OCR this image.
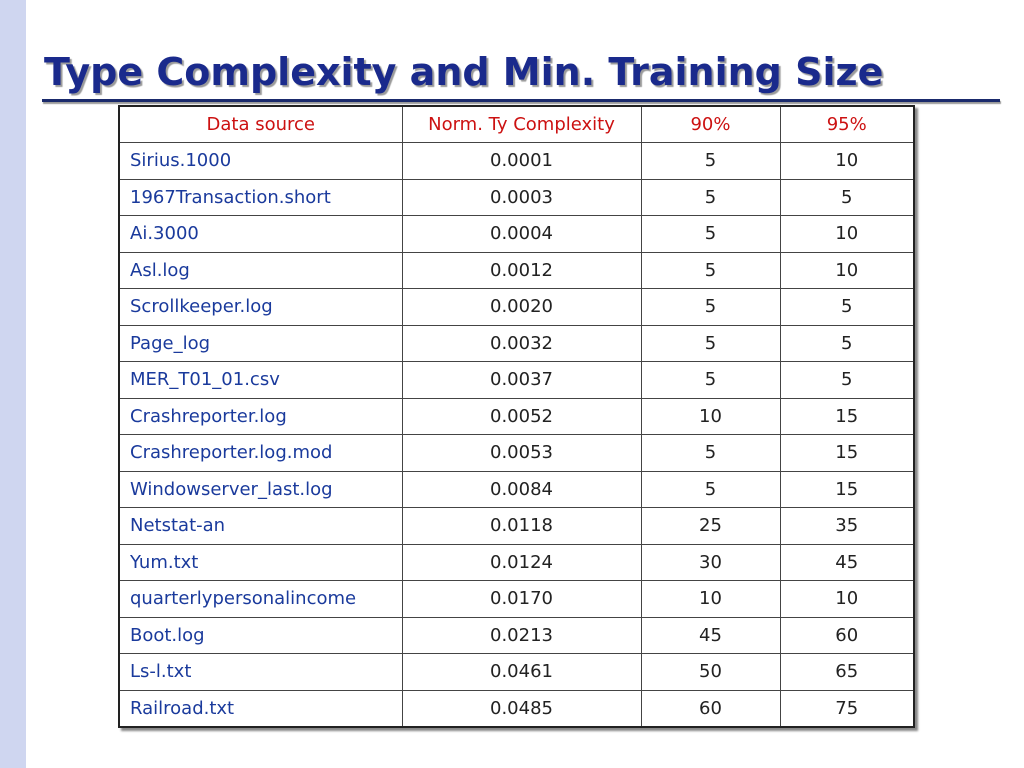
Type Complexity and Min. Training Size
Data source	Norm. Ty Complexity	90%	95%
Sirius.1000	0.0001	5	10
1967Transaction.short	0.0003	5	5
Ai.3000	0.0004	5	10
Asl.log	0.0012	5	10
Scrollkeeper.log	0.0020	5	5
Page_log	0.0032	5	5
MER_T01_01.csv	0.0037	5	5
Crashreporter.log	0.0052	10	15
Crashreporter.log.mod	0.0053	5	15
Windowserver_last.log	0.0084	5	15
Netstat-an	0.0118	25	35
Yum.txt	0.0124	30	45
quarterlypersonalincome	0.0170	10	10
Boot.log	0.0213	45	60
Ls-l.txt	0.0461	50	65
Railroad.txt	0.0485	60	75
